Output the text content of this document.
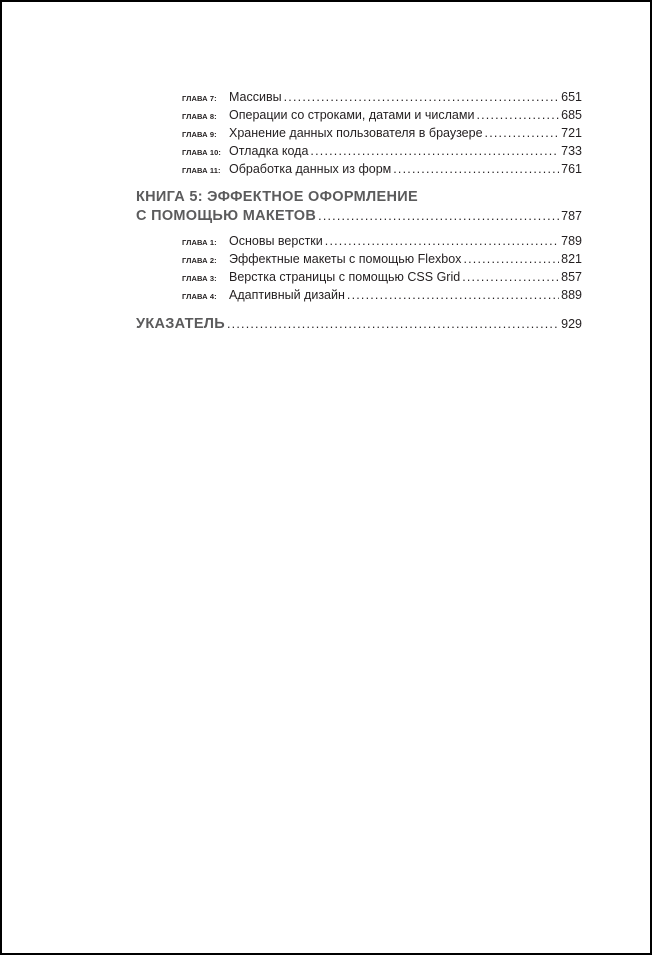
ГЛАВА 7: Массивы .....	651
ГЛАВА 8: Операции со строками, датами и числами .....	685
ГЛАВА 9: Хранение данных пользователя в браузере .....	721
ГЛАВА 10: Отладка кода .....	733
ГЛАВА 11: Обработка данных из форм .....	761
КНИГА 5: ЭФФЕКТНОЕ ОФОРМЛЕНИЕ
С ПОМОЩЬЮ МАКЕТОВ .....	787
ГЛАВА 1: Основы верстки .....	789
ГЛАВА 2: Эффектные макеты с помощью Flexbox .....	821
ГЛАВА 3: Верстка страницы с помощью CSS Grid .....	857
ГЛАВА 4: Адаптивный дизайн .....	889
УКАЗАТЕЛЬ .....	929
